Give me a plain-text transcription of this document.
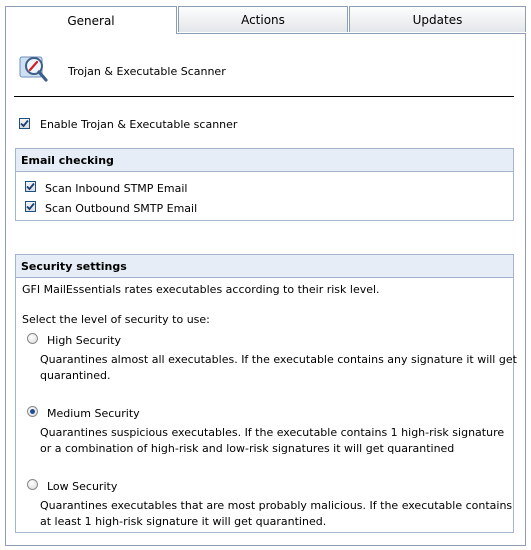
General	Actions	Updates
Trojan & Executable Scanner
Enable Trojan & Executable scanner
Email checking
Scan Inbound STMP Email
Scan Outbound SMTP Email
Security settings
GFI MailEssentials rates executables according to their risk level.
Select the level of security to use:
High Security
Quarantines almost all executables. If the executable contains any signature it will get
quarantined.
Medium Security
Quarantines suspicious executables. If the executable contains 1 high-risk signature
or a combination of high-risk and low-risk signatures it will get quarantined
Low Security
Quarantines executables that are most probably malicious. If the executable contains
at least 1 high-risk signature it will get quarantined.
